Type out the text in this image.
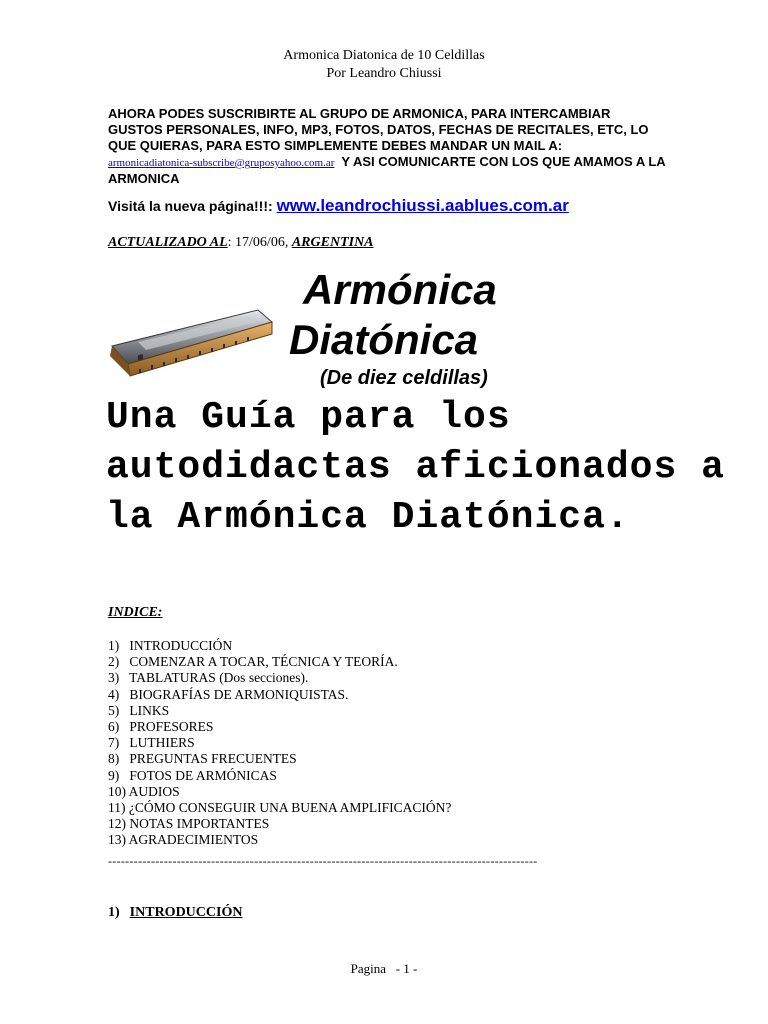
Armonica Diatonica de 10 Celdillas
Por Leandro Chiussi
AHORA PODES SUSCRIBIRTE AL GRUPO DE ARMONICA, PARA INTERCAMBIAR GUSTOS PERSONALES, INFO, MP3, FOTOS, DATOS, FECHAS DE RECITALES, ETC, LO QUE QUIERAS, PARA ESTO SIMPLEMENTE DEBES MANDAR UN MAIL A:
armonicadiatonica-subscribe@gruposyahoo.com.ar Y ASI COMUNICARTE CON LOS QUE AMAMOS A LA ARMONICA
Visitá la nueva página!!!: www.leandrochiussi.aablues.com.ar
ACTUALIZADO AL: 17/06/06, ARGENTINA
Armónica
Diatónica
(De diez celdillas)
Una Guía para los autodidactas aficionados a la Armónica Diatónica.
INDICE:
1) INTRODUCCIÓN
2) COMENZAR A TOCAR, TÉCNICA Y TEORÍA.
3) TABLATURAS (Dos secciones).
4) BIOGRAFÍAS DE ARMONIQUISTAS.
5) LINKS
6) PROFESORES
7) LUTHIERS
8) PREGUNTAS FRECUENTES
9) FOTOS DE ARMÓNICAS
10) AUDIOS
11) ¿CÓMO CONSEGUIR UNA BUENA AMPLIFICACIÓN?
12) NOTAS IMPORTANTES
13) AGRADECIMIENTOS
----------------------------------------------------------------------------------------------------
1) INTRODUCCIÓN
Pagina   - 1 -
